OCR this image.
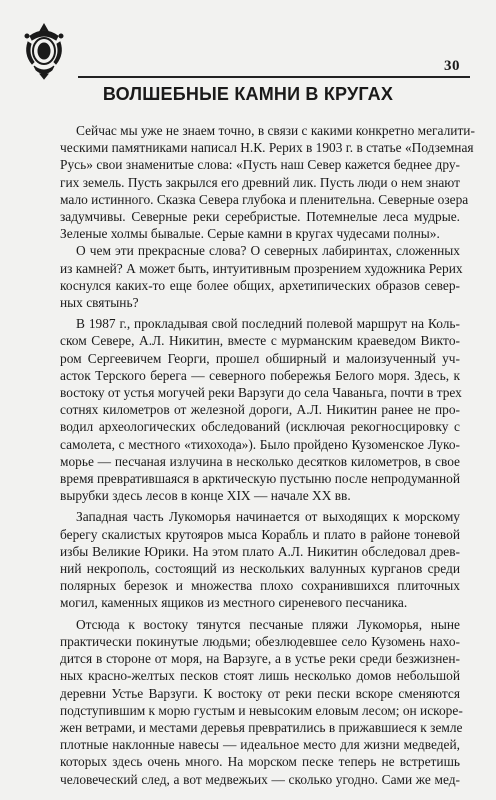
30
ВОЛШЕБНЫЕ КАМНИ В КРУГАХ
Сейчас мы уже не знаем точно, в связи с какими конкретно мегалити-
ческими памятниками написал Н.К. Рерих в 1903 г. в статье «Подземная
Русь» свои знаменитые слова: «Пусть наш Север кажется беднее дру-
гих земель. Пусть закрылся его древний лик. Пусть люди о нем знают
мало истинного. Сказка Севера глубока и пленительна. Северные озера
задумчивы. Северные реки серебристые. Потемнелые леса мудрые.
Зеленые холмы бывалые. Серые камни в кругах чудесами полны».
О чем эти прекрасные слова? О северных лабиринтах, сложенных
из камней? А может быть, интуитивным прозрением художника Рерих
коснулся каких-то еще более общих, архетипических образов север-
ных святынь?
В 1987 г., прокладывая свой последний полевой маршрут на Коль-
ском Севере, А.Л. Никитин, вместе с мурманским краеведом Виктo-
ром Сергеевичем Георги, прошел обширный и малоизученный уч-
асток Терского берега — северного побережья Белого моря. Здесь, к
востоку от устья могучей реки Варзуги до села Чаваньга, почти в трех
сотнях километров от железной дороги, А.Л. Никитин ранее не про-
водил археологических обследований (исключая рекогносцировку с
самолета, с местного «тихохода»). Было пройдено Кузоменское Луко-
морье — песчаная излучина в несколько десятков километров, в свое
время превратившаяся в арктическую пустыню после непродуманной
вырубки здесь лесов в конце XIX — начале XX вв.
Западная часть Лукоморья начинается от выходящих к морскому
берегу скалистых крутояров мыса Корабль и плато в районе тоневой
избы Великие Юрики. На этом плато А.Л. Никитин обследовал древ-
ний некрополь, состоящий из нескольких валунных курганов среди
полярных березок и множества плохо сохранившихся плиточных
могил, каменных ящиков из местного сиреневого песчаника.
Отсюда к востоку тянутся песчаные пляжи Лукоморья, ныне
практически покинутые людьми; обезлюдевшее село Кузомень нахо-
дится в стороне от моря, на Варзуге, а в устье реки среди безжизнен-
ных красно-желтых песков стоят лишь несколько домов небольшой
деревни Устье Варзуги. К востоку от реки пески вскоре сменяются
подступившим к морю густым и невысоким еловым лесом; он искоре-
жен ветрами, и местами деревья превратились в прижавшиеся к земле
плотные наклонные навесы — идеальное место для жизни медведей,
которых здесь очень много. На морском песке теперь не встретишь
человеческий след, а вот медвежьих — сколько угодно. Сами же мед-
